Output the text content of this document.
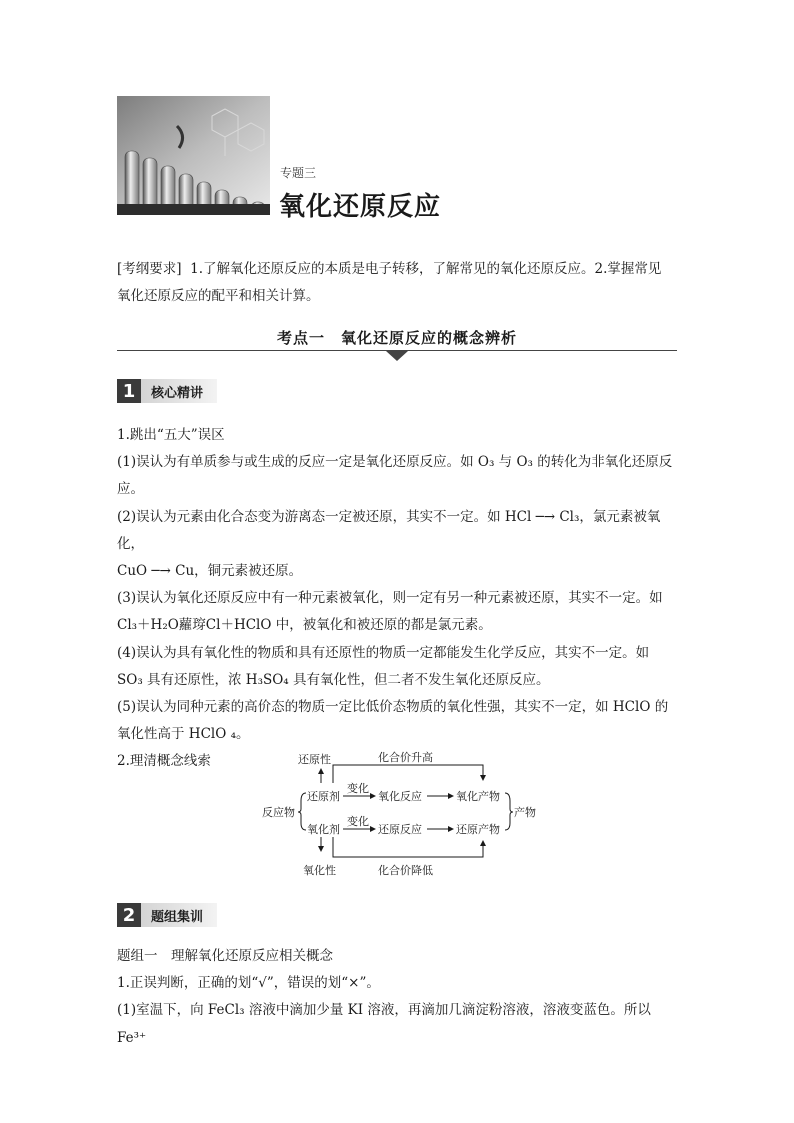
专题三
氧化还原反应
[考纲要求] 1.了解氧化还原反应的本质是电子转移，了解常见的氧化还原反应。2.掌握常见
氧化还原反应的配平和相关计算。
考点一　氧化还原反应的概念辨析
1	核心精讲

1.跳出“五大”误区

(1)误认为有单质参与或生成的反应一定是氧化还原反应。如 O₃ 与 O₃ 的转化为非氧化还原反

应。

(2)误认为元素由化合态变为游离态一定被还原，其实不一定。如 HCl ─→ Cl₃，氯元素被氧化，

CuO ─→ Cu，铜元素被还原。

(3)误认为氧化还原反应中有一种元素被氧化，则一定有另一种元素被还原，其实不一定。如

Cl₃＋H₂O蘿瑏Cl＋HClO 中，被氧化和被还原的都是氯元素。

(4)误认为具有氧化性的物质和具有还原性的物质一定都能发生化学反应，其实不一定。如

SO₃ 具有还原性，浓 H₃SO₄ 具有氧化性，但二者不发生氧化还原反应。

(5)误认为同种元素的高价态的物质一定比低价态物质的氧化性强，其实不一定，如 HClO 的

氧化性高于 HClO ₄。

2.理清概念线索	还原性	化合价升高
反应物
还原剂
变化
氧化反应	氧化产物
产物
氧化剂
变化
还原反应	还原产物
氧化性	化合价降低
2	题组集训

题组一　理解氧化还原反应相关概念

1.正误判断，正确的划“√”，错误的划“×”。

(1)室温下，向 FeCl₃ 溶液中滴加少量 KI 溶液，再滴加几滴淀粉溶液，溶液变蓝色。所以 Fe³⁺
